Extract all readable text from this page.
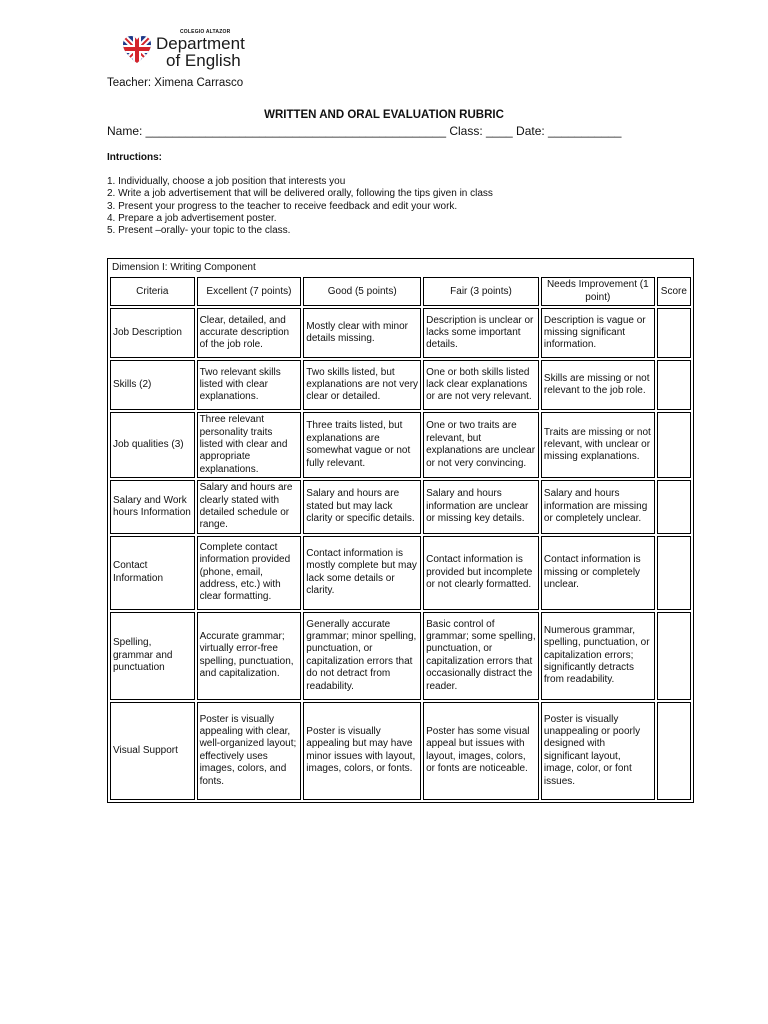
COLEGIO ALTAZOR
Department
of English
Teacher: Ximena Carrasco
WRITTEN AND ORAL EVALUATION RUBRIC
Name: _____________________________________________ Class: ____ Date: ___________
Intructions:
1. Individually, choose a job position that interests you
2. Write a job advertisement that will be delivered orally, following the tips given in class
3. Present your progress to the teacher to receive feedback and edit your work.
4. Prepare a job advertisement poster.
5. Present –orally- your topic to the class.
Dimension I: Writing Component					
Criteria	Excellent (7 points)	Good (5 points)	Fair (3 points)	Needs Improvement (1 point)	Score
Job Description	Clear, detailed, and accurate description of the job role.	Mostly clear with minor details missing.	Description is unclear or lacks some important details.	Description is vague or missing significant information.	
Skills (2)	Two relevant skills listed with clear explanations.	Two skills listed, but explanations are not very clear or detailed.	One or both skills listed lack clear explanations or are not very relevant.	Skills are missing or not relevant to the job role.	
Job qualities (3)	Three relevant personality traits listed with clear and appropriate explanations.	Three traits listed, but explanations are somewhat vague or not fully relevant.	One or two traits are relevant, but explanations are unclear or not very convincing.	Traits are missing or not relevant, with unclear or missing explanations.	
Salary and Work hours Information	Salary and hours are clearly stated with detailed schedule or range.	Salary and hours are stated but may lack clarity or specific details.	Salary and hours information are unclear or missing key details.	Salary and hours information are missing or completely unclear.	
Contact Information	Complete contact information provided (phone, email, address, etc.) with clear formatting.	Contact information is mostly complete but may lack some details or clarity.	Contact information is provided but incomplete or not clearly formatted.	Contact information is missing or completely unclear.	
Spelling, grammar and punctuation	Accurate grammar; virtually error-free spelling, punctuation, and capitalization.	Generally accurate grammar; minor spelling, punctuation, or capitalization errors that do not detract from readability.	Basic control of grammar; some spelling, punctuation, or capitalization errors that occasionally distract the reader.	Numerous grammar, spelling, punctuation, or capitalization errors; significantly detracts from readability.	
Visual Support	Poster is visually appealing with clear, well-organized layout; effectively uses images, colors, and fonts.	Poster is visually appealing but may have minor issues with layout, images, colors, or fonts.	Poster has some visual appeal but issues with layout, images, colors, or fonts are noticeable.	Poster is visually unappealing or poorly designed with significant layout, image, color, or font issues.	
